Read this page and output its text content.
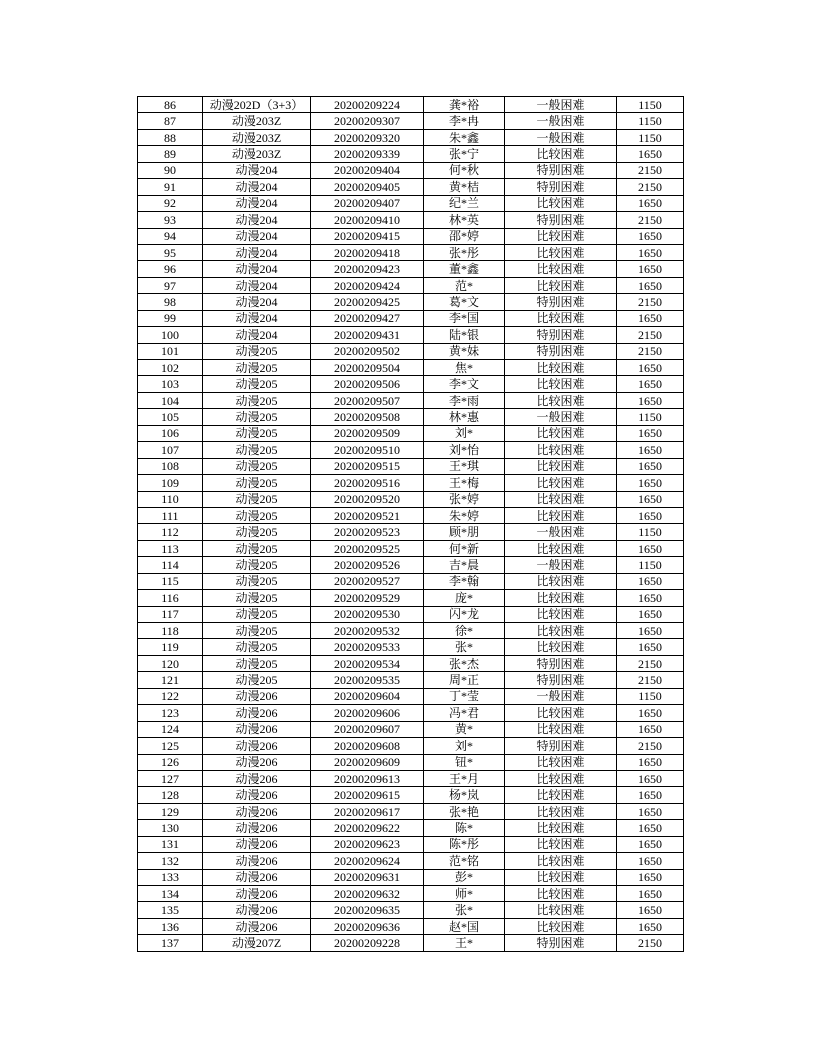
86	动漫202D（3+3）	20200209224	龚*裕	一般困难	1150
87	动漫203Z	20200209307	李*冉	一般困难	1150
88	动漫203Z	20200209320	朱*鑫	一般困难	1150
89	动漫203Z	20200209339	张*宁	比较困难	1650
90	动漫204	20200209404	何*秋	特别困难	2150
91	动漫204	20200209405	黄*桔	特别困难	2150
92	动漫204	20200209407	纪*兰	比较困难	1650
93	动漫204	20200209410	林*英	特别困难	2150
94	动漫204	20200209415	邵*婷	比较困难	1650
95	动漫204	20200209418	张*彤	比较困难	1650
96	动漫204	20200209423	董*鑫	比较困难	1650
97	动漫204	20200209424	范*	比较困难	1650
98	动漫204	20200209425	葛*文	特别困难	2150
99	动漫204	20200209427	李*国	比较困难	1650
100	动漫204	20200209431	陆*银	特别困难	2150
101	动漫205	20200209502	黄*妹	特别困难	2150
102	动漫205	20200209504	焦*	比较困难	1650
103	动漫205	20200209506	李*文	比较困难	1650
104	动漫205	20200209507	李*雨	比较困难	1650
105	动漫205	20200209508	林*惠	一般困难	1150
106	动漫205	20200209509	刘*	比较困难	1650
107	动漫205	20200209510	刘*怡	比较困难	1650
108	动漫205	20200209515	王*琪	比较困难	1650
109	动漫205	20200209516	王*梅	比较困难	1650
110	动漫205	20200209520	张*婷	比较困难	1650
111	动漫205	20200209521	朱*婷	比较困难	1650
112	动漫205	20200209523	顾*朋	一般困难	1150
113	动漫205	20200209525	何*新	比较困难	1650
114	动漫205	20200209526	吉*晨	一般困难	1150
115	动漫205	20200209527	李*翰	比较困难	1650
116	动漫205	20200209529	庞*	比较困难	1650
117	动漫205	20200209530	闪*龙	比较困难	1650
118	动漫205	20200209532	徐*	比较困难	1650
119	动漫205	20200209533	张*	比较困难	1650
120	动漫205	20200209534	张*杰	特别困难	2150
121	动漫205	20200209535	周*正	特别困难	2150
122	动漫206	20200209604	丁*莹	一般困难	1150
123	动漫206	20200209606	冯*君	比较困难	1650
124	动漫206	20200209607	黄*	比较困难	1650
125	动漫206	20200209608	刘*	特别困难	2150
126	动漫206	20200209609	钮*	比较困难	1650
127	动漫206	20200209613	王*月	比较困难	1650
128	动漫206	20200209615	杨*岚	比较困难	1650
129	动漫206	20200209617	张*艳	比较困难	1650
130	动漫206	20200209622	陈*	比较困难	1650
131	动漫206	20200209623	陈*彤	比较困难	1650
132	动漫206	20200209624	范*铭	比较困难	1650
133	动漫206	20200209631	彭*	比较困难	1650
134	动漫206	20200209632	师*	比较困难	1650
135	动漫206	20200209635	张*	比较困难	1650
136	动漫206	20200209636	赵*国	比较困难	1650
137	动漫207Z	20200209228	王*	特别困难	2150
